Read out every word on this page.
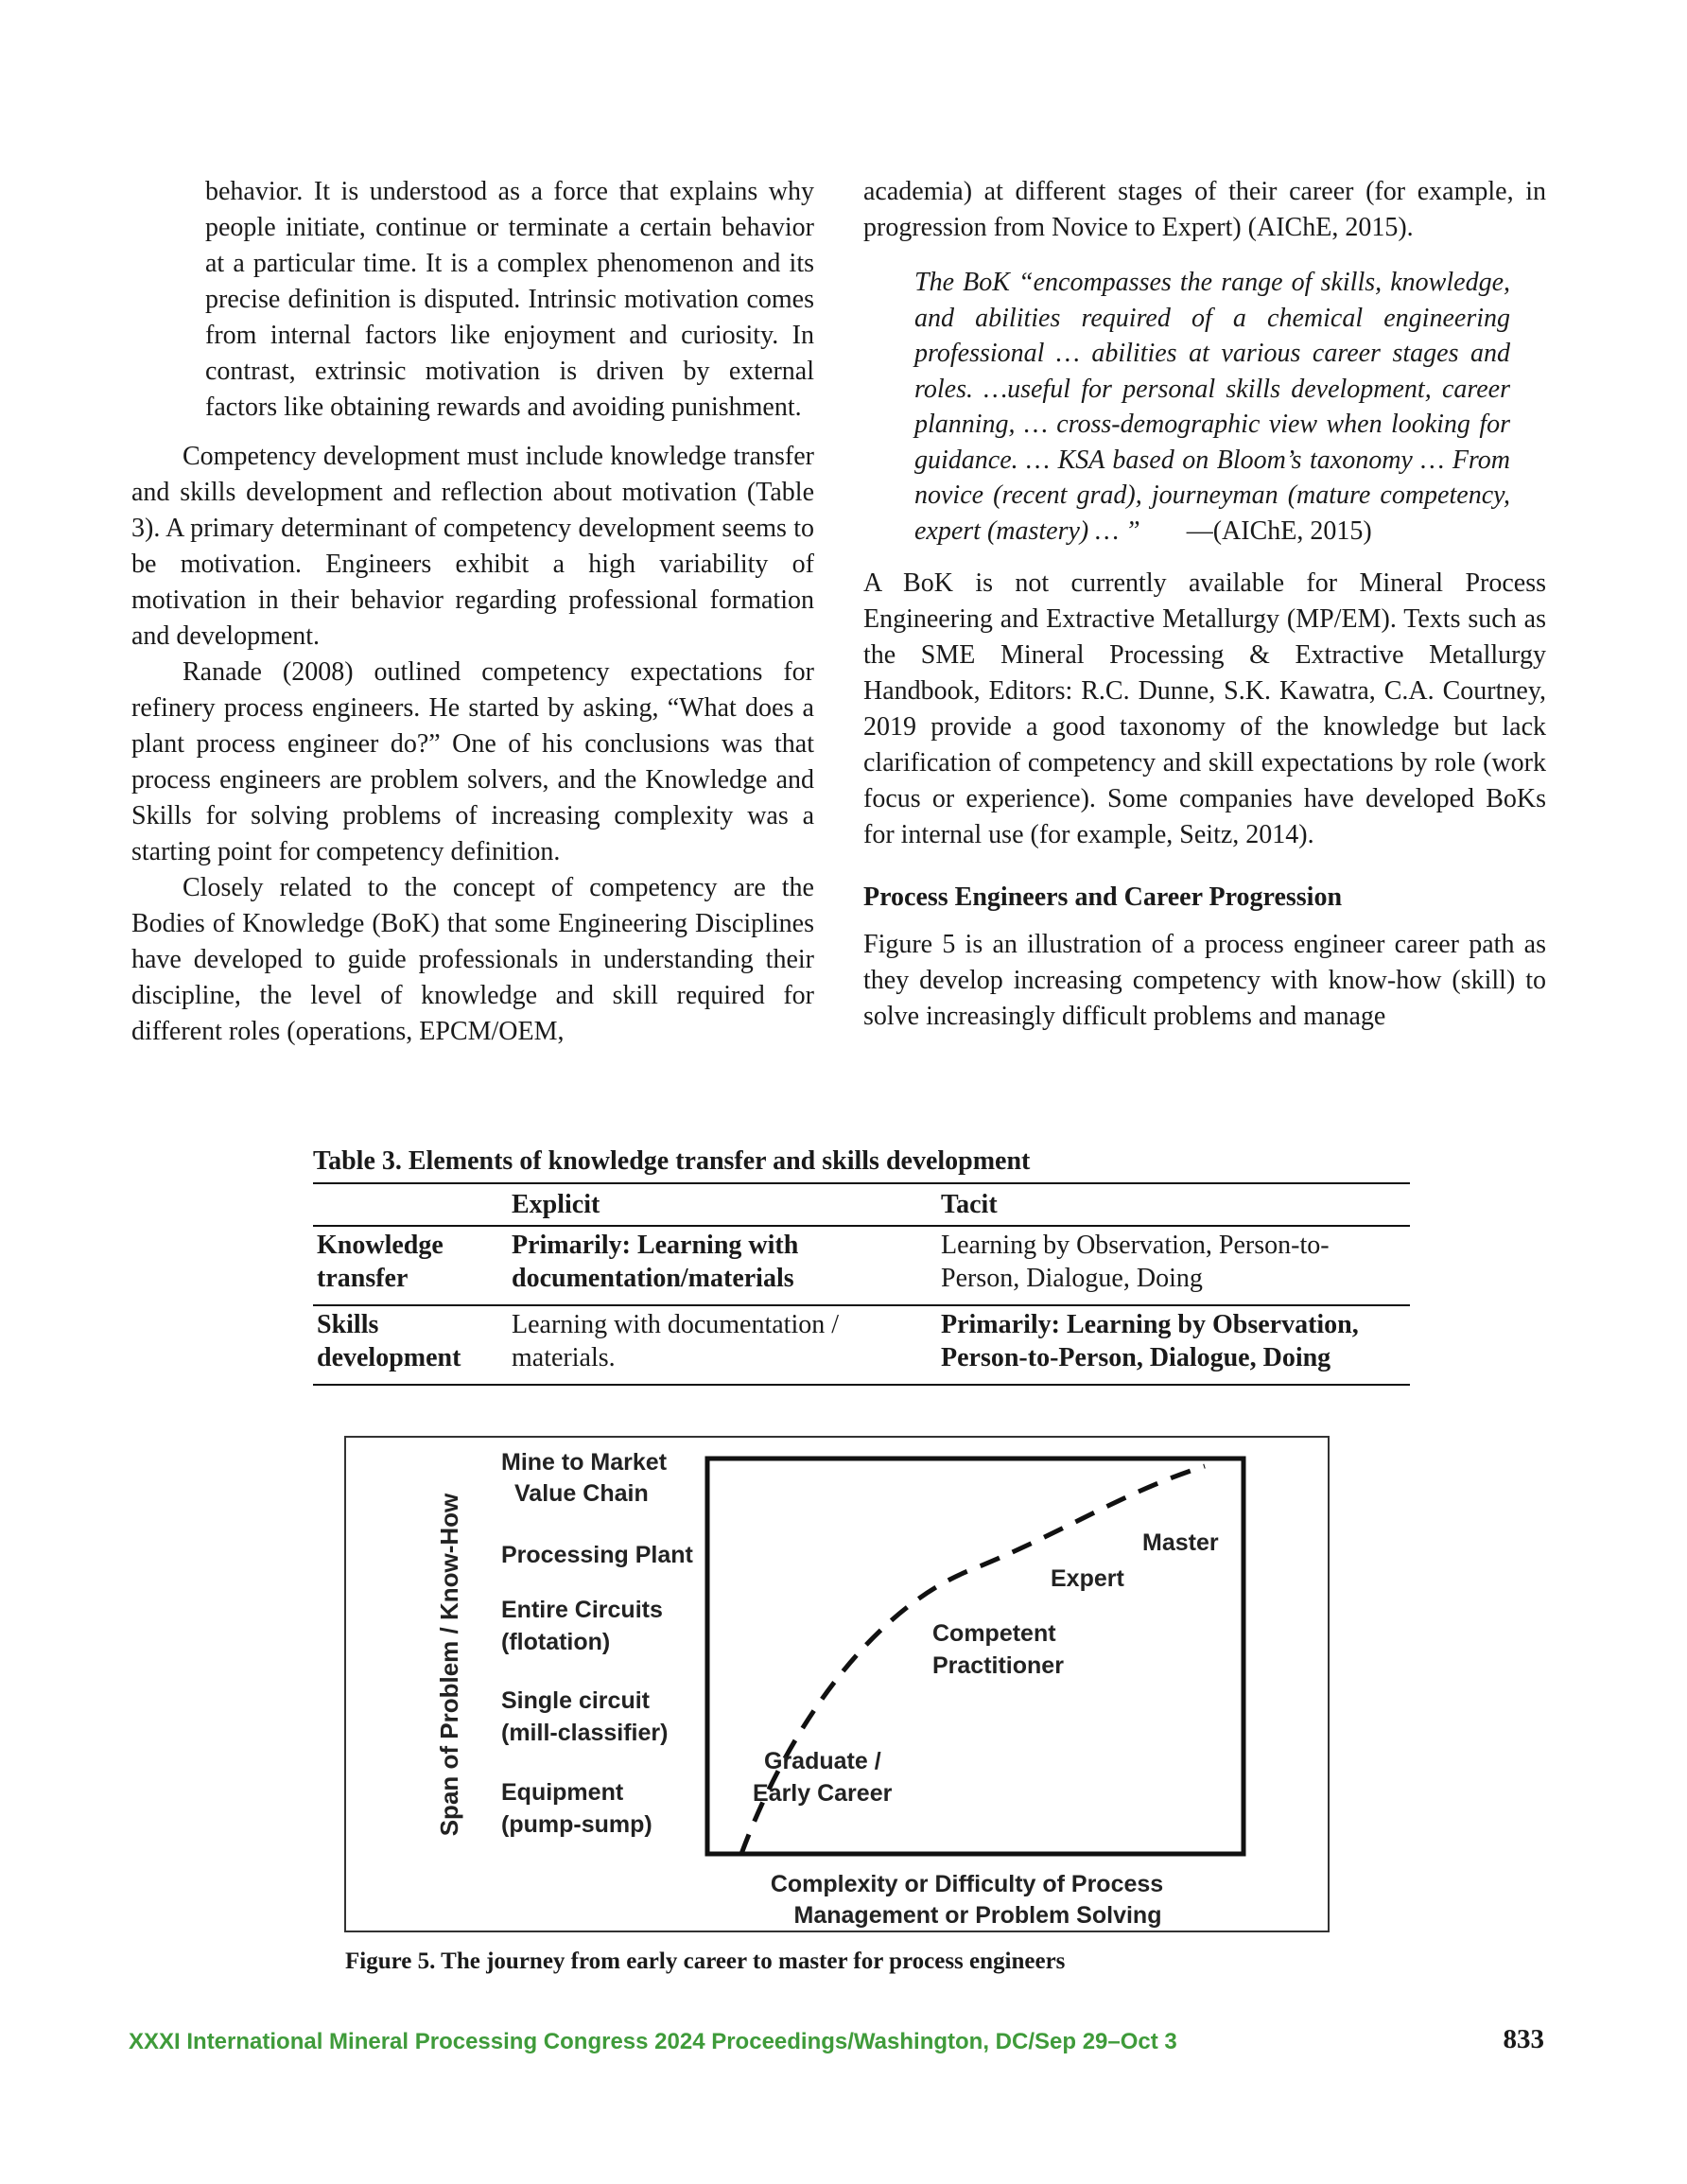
behavior. It is understood as a force that explains why people initiate, continue or terminate a certain behavior at a particular time. It is a complex phenomenon and its precise definition is disputed. Intrinsic motivation comes from internal factors like enjoyment and curiosity. In contrast, extrinsic motivation is driven by external factors like obtaining rewards and avoiding punishment.

Competency development must include knowledge transfer and skills development and reflection about motivation (Table 3). A primary determinant of competency development seems to be motivation. Engineers exhibit a high variability of motivation in their behavior regarding professional formation and development.

Ranade (2008) outlined competency expectations for refinery process engineers. He started by asking, “What does a plant process engineer do?” One of his conclusions was that process engineers are problem solvers, and the Knowledge and Skills for solving problems of increasing complexity was a starting point for competency definition.

Closely related to the concept of competency are the Bodies of Knowledge (BoK) that some Engineering Disciplines have developed to guide professionals in understanding their discipline, the level of knowledge and skill required for different roles (operations, EPCM/OEM,

academia) at different stages of their career (for example, in progression from Novice to Expert) (AIChE, 2015).

The BoK “encompasses the range of skills, knowledge, and abilities required of a chemical engineering professional … abilities at various career stages and roles. …useful for personal skills development, career planning, … cross-demographic view when looking for guidance. … KSA based on Bloom’s taxonomy … From novice (recent grad), journeyman (mature competency, expert (mastery) … ” —(AIChE, 2015)

A BoK is not currently available for Mineral Process Engineering and Extractive Metallurgy (MP/EM). Texts such as the SME Mineral Processing & Extractive Metallurgy Handbook, Editors: R.C. Dunne, S.K. Kawatra, C.A. Courtney, 2019 provide a good taxonomy of the knowledge but lack clarification of competency and skill expectations by role (work focus or experience). Some companies have developed BoKs for internal use (for example, Seitz, 2014).

Process Engineers and Career Progression

Figure 5 is an illustration of a process engineer career path as they develop increasing competency with know-how (skill) to solve increasingly difficult problems and manage

Table 3. Elements of knowledge transfer and skills development
	Explicit	Tacit
Knowledge transfer	Primarily: Learning with documentation/materials	Learning by Observation, Person-to-Person, Dialogue, Doing
Skills development	Learning with documentation / materials.	Primarily: Learning by Observation, Person-to-Person, Dialogue, Doing
Span of Problem / Know-How
Mine to Market Value Chain
Processing Plant
Entire Circuits (flotation)
Single circuit (mill-classifier)
Equipment (pump-sump)
Graduate / Early Career
Competent Practitioner
Expert
Master
Complexity or Difficulty of Process Management or Problem Solving
Figure 5. The journey from early career to master for process engineers
XXXI International Mineral Processing Congress 2024 Proceedings/Washington, DC/Sep 29–Oct 3	833
